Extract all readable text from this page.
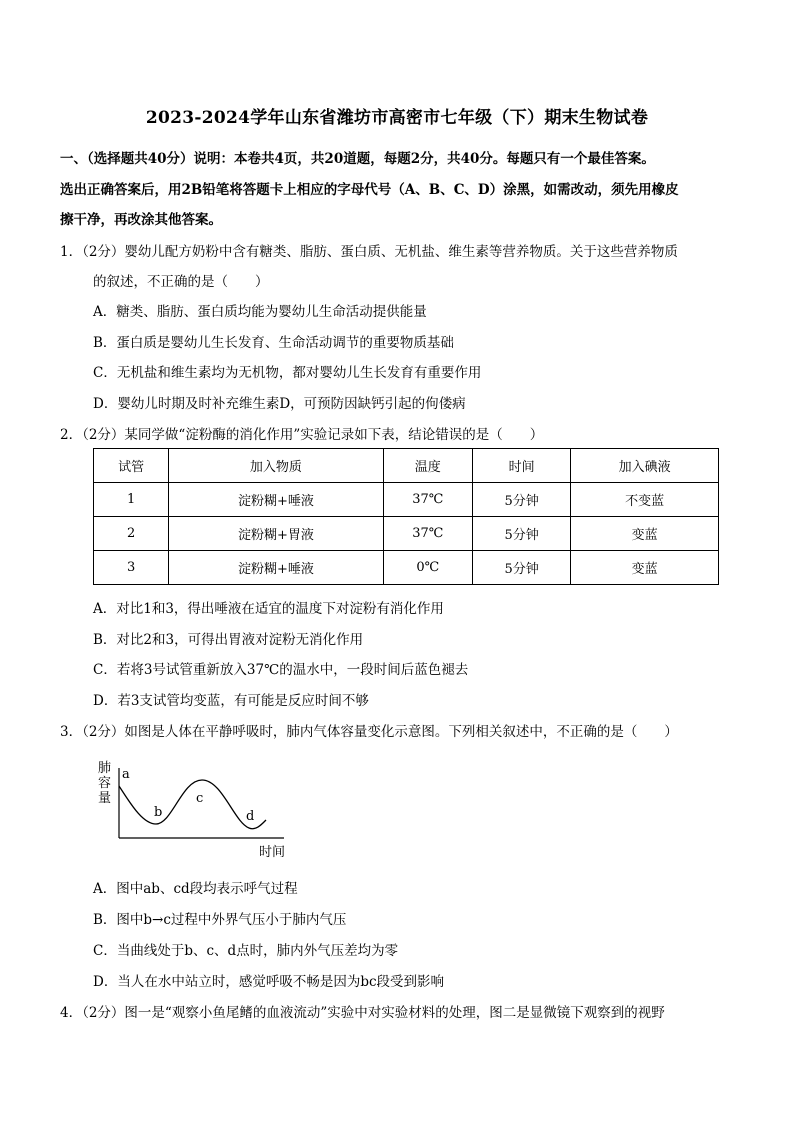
2023-2024学年山东省潍坊市高密市七年级（下）期末生物试卷
一、（选择题共40分）说明：本卷共4页，共20道题，每题2分，共40分。每题只有一个最佳答案。
选出正确答案后，用2B铅笔将答题卡上相应的字母代号（A、B、C、D）涂黑，如需改动，须先用橡皮
擦干净，再改涂其他答案。
1．（2分）婴幼儿配方奶粉中含有糖类、脂肪、蛋白质、无机盐、维生素等营养物质。关于这些营养物质
的叙述，不正确的是（　　）
A．糖类、脂肪、蛋白质均能为婴幼儿生命活动提供能量
B．蛋白质是婴幼儿生长发育、生命活动调节的重要物质基础
C．无机盐和维生素均为无机物，都对婴幼儿生长发育有重要作用
D．婴幼儿时期及时补充维生素D，可预防因缺钙引起的佝偻病
2．（2分）某同学做“淀粉酶的消化作用”实验记录如下表，结论错误的是（　　）
试管	加入物质	温度	时间	加入碘液
1	淀粉糊+唾液	37℃	5分钟	不变蓝
2	淀粉糊+胃液	37℃	5分钟	变蓝
3	淀粉糊+唾液	0℃	5分钟	变蓝
A．对比1和3，得出唾液在适宜的温度下对淀粉有消化作用
B．对比2和3，可得出胃液对淀粉无消化作用
C．若将3号试管重新放入37℃的温水中，一段时间后蓝色褪去
D．若3支试管均变蓝，有可能是反应时间不够
3．（2分）如图是人体在平静呼吸时，肺内气体容量变化示意图。下列相关叙述中，不正确的是（　　）
肺
容
量
a
b
c
d
时间
A．图中ab、cd段均表示呼气过程
B．图中b→c过程中外界气压小于肺内气压
C．当曲线处于b、c、d点时，肺内外气压差均为零
D．当人在水中站立时，感觉呼吸不畅是因为bc段受到影响
4．（2分）图一是“观察小鱼尾鳍的血液流动”实验中对实验材料的处理，图二是显微镜下观察到的视野
